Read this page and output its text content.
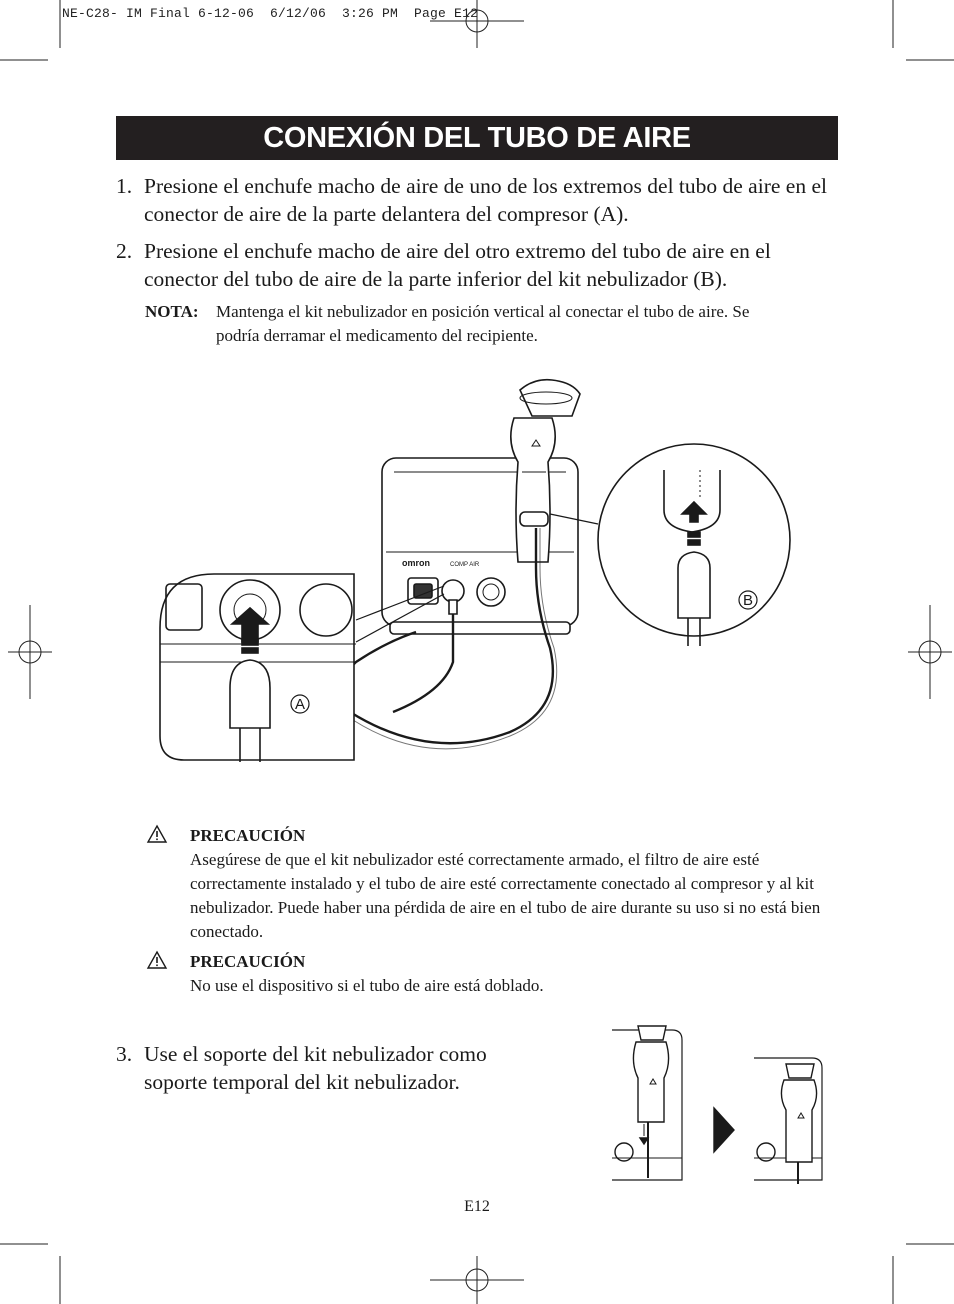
NE-C28- IM Final 6-12-06  6/12/06  3:26 PM  Page E12
CONEXIÓN DEL TUBO DE AIRE
1. Presione el enchufe macho de aire de uno de los extremos del tubo de aire en el conector de aire de la parte delantera del compresor (A).
2. Presione el enchufe macho de aire del otro extremo del tubo de aire en el conector del tubo de aire de la parte inferior del kit nebulizador (B).
NOTA:	Mantenga el kit nebulizador en posición vertical al conectar el tubo de aire. Se podría derramar el medicamento del recipiente.
A
B
omron	COMP AIR
PRECAUCIÓN
Asegúrese de que el kit nebulizador esté correctamente armado, el filtro de aire esté correctamente instalado y el tubo de aire esté correctamente conectado al compresor y al kit nebulizador. Puede haber una pérdida de aire en el tubo de aire durante su uso si no está bien conectado.
PRECAUCIÓN
No use el dispositivo si el tubo de aire está doblado.
3. Use el soporte del kit nebulizador como soporte temporal del kit nebulizador.
E12
